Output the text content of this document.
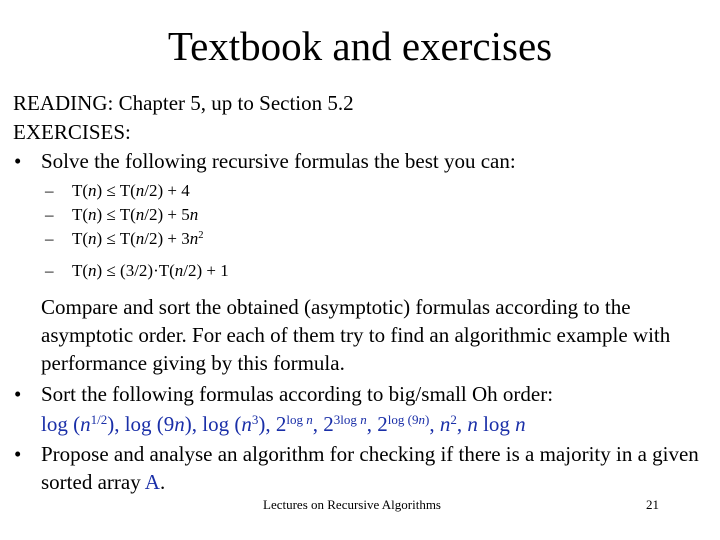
Textbook and exercises
READING: Chapter 5, up to Section 5.2
EXERCISES:
• Solve the following recursive formulas the best you can:
– T(n) ≤ T(n/2) + 4
– T(n) ≤ T(n/2) + 5n
– $T(n) \le T(n/2) + 3n^2$
– T(n) ≤ (3/2)·T(n/2) + 1
Compare and sort the obtained (asymptotic) formulas according to the asymptotic order. For each of them try to find an algorithmic example with performance giving by this formula.
• Sort the following formulas according to big/small Oh order:
$\log (n^{1/2})$, log (9n), $\log (n^3)$, $2^{log n}$, $2^{3log n}$, $2^{log (9n)}$, $n^2$, n log n
• Propose and analyse an algorithm for checking if there is a majority in a given sorted array A.
Lectures on Recursive Algorithms	21
